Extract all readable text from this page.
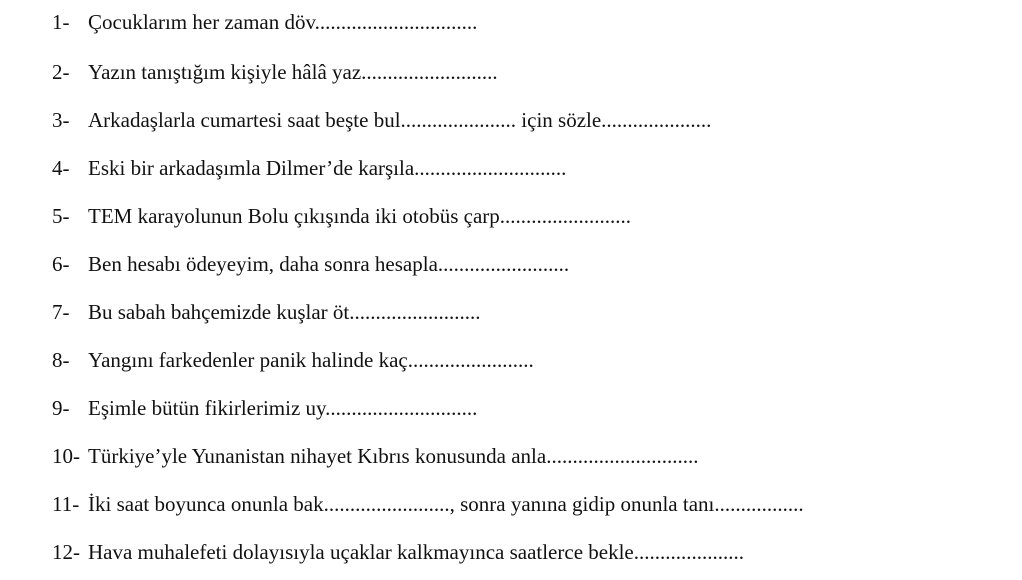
1- Çocuklarım her zaman döv...............................
2- Yazın tanıştığım kişiyle hâlâ yaz..........................
3- Arkadaşlarla cumartesi saat beşte bul...................... için sözle.....................
4- Eski bir arkadaşımla Dilmer’de karşıla.............................
5- TEM karayolunun Bolu çıkışında iki otobüs çarp.........................
6- Ben hesabı ödeyeyim, daha sonra hesapla.........................
7- Bu sabah bahçemizde kuşlar öt.........................
8- Yangını farkedenler panik halinde kaç........................
9- Eşimle bütün fikirlerimiz uy.............................
10- Türkiye’yle Yunanistan nihayet Kıbrıs konusunda anla.............................
11- İki saat boyunca onunla bak........................, sonra yanına gidip onunla tanı.................
12- Hava muhalefeti dolayısıyla uçaklar kalkmayınca saatlerce bekle.....................
